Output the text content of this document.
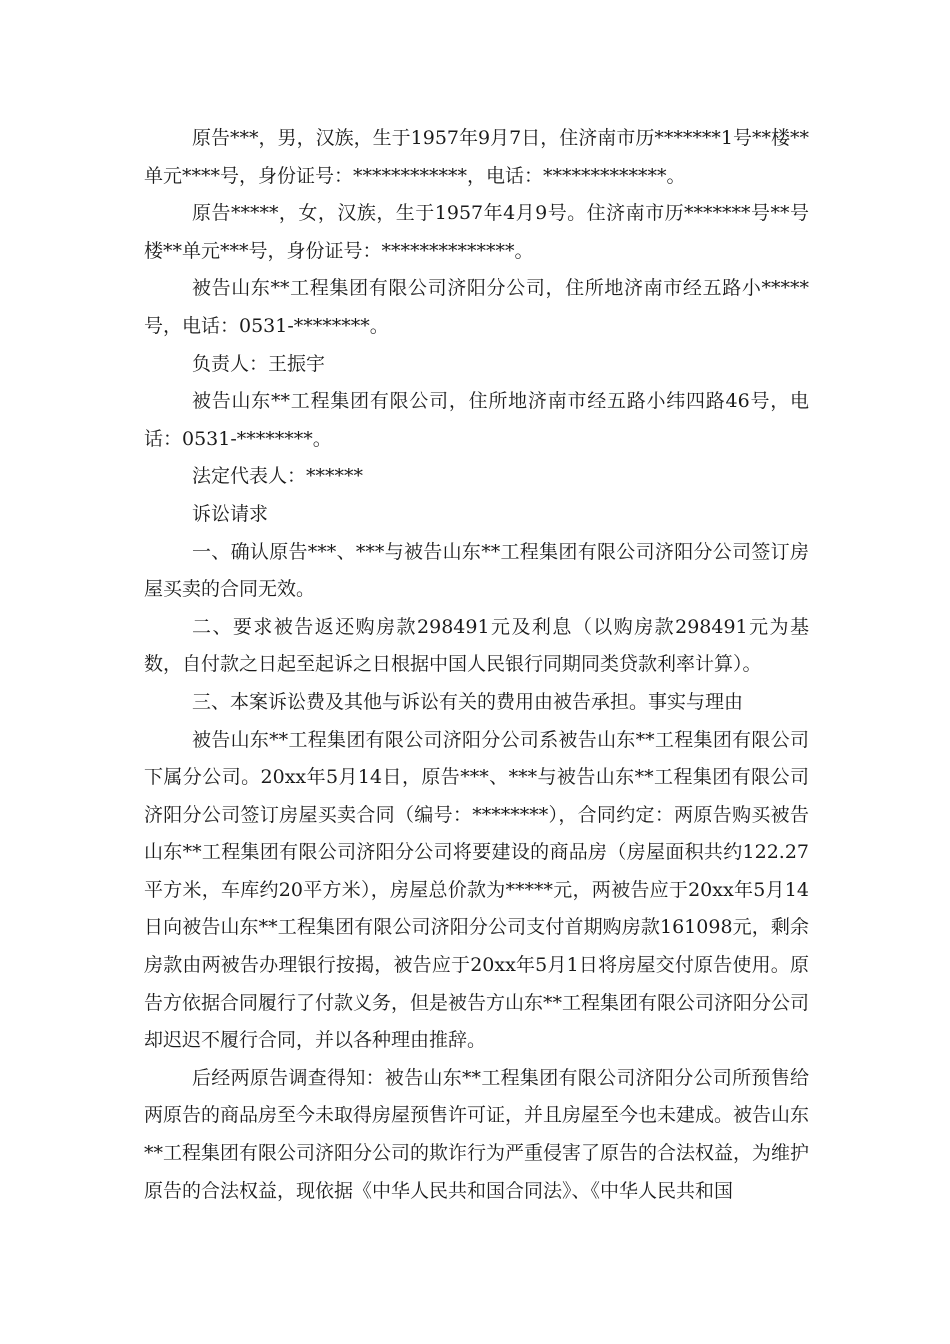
原告***，男，汉族，生于1957年9月7日，住济南市历*******1号**楼**单元****号，身份证号：************，电话：*************。

原告*****，女，汉族，生于1957年4月9号。住济南市历*******号**号楼**单元***号，身份证号：**************。

被告山东**工程集团有限公司济阳分公司，住所地济南市经五路小*****号，电话：0531-********。

负责人：王振宇

被告山东**工程集团有限公司，住所地济南市经五路小纬四路46号，电话：0531-********。

法定代表人：******

诉讼请求

一、确认原告***、***与被告山东**工程集团有限公司济阳分公司签订房屋买卖的合同无效。

二、要求被告返还购房款298491元及利息（以购房款298491元为基数，自付款之日起至起诉之日根据中国人民银行同期同类贷款利率计算）。

三、本案诉讼费及其他与诉讼有关的费用由被告承担。事实与理由

被告山东**工程集团有限公司济阳分公司系被告山东**工程集团有限公司下属分公司。20xx年5月14日，原告***、***与被告山东**工程集团有限公司济阳分公司签订房屋买卖合同（编号：********），合同约定：两原告购买被告山东**工程集团有限公司济阳分公司将要建设的商品房（房屋面积共约122.27平方米，车库约20平方米），房屋总价款为*****元，两被告应于20xx年5月14日向被告山东**工程集团有限公司济阳分公司支付首期购房款161098元，剩余房款由两被告办理银行按揭，被告应于20xx年5月1日将房屋交付原告使用。原告方依据合同履行了付款义务，但是被告方山东**工程集团有限公司济阳分公司却迟迟不履行合同，并以各种理由推辞。

后经两原告调查得知：被告山东**工程集团有限公司济阳分公司所预售给两原告的商品房至今未取得房屋预售许可证，并且房屋至今也未建成。被告山东**工程集团有限公司济阳分公司的欺诈行为严重侵害了原告的合法权益，为维护原告的合法权益，现依据《中华人民共和国合同法》、《中华人民共和国
